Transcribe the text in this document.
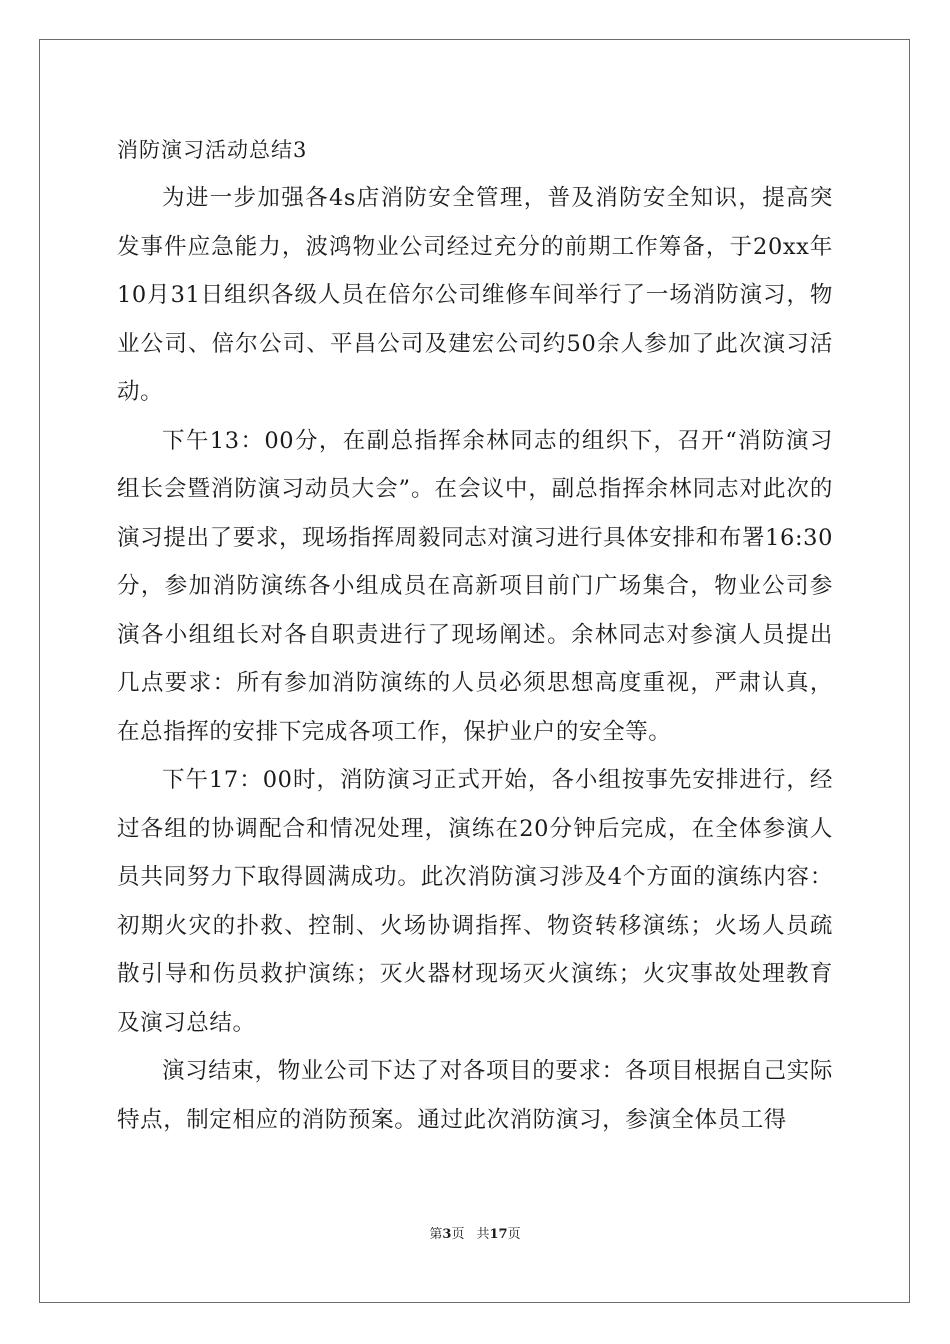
消防演习活动总结3

为进一步加强各4s店消防安全管理，普及消防安全知识，提高突发事件应急能力，波鸿物业公司经过充分的前期工作筹备，于20xx年10月31日组织各级人员在倍尔公司维修车间举行了一场消防演习，物业公司、倍尔公司、平昌公司及建宏公司约50余人参加了此次演习活动。

下午13：00分，在副总指挥余林同志的组织下，召开“消防演习组长会暨消防演习动员大会”。在会议中，副总指挥余林同志对此次的演习提出了要求，现场指挥周毅同志对演习进行具体安排和布署16:30分，参加消防演练各小组成员在高新项目前门广场集合，物业公司参演各小组组长对各自职责进行了现场阐述。余林同志对参演人员提出几点要求：所有参加消防演练的人员必须思想高度重视，严肃认真，在总指挥的安排下完成各项工作，保护业户的安全等。

下午17：00时，消防演习正式开始，各小组按事先安排进行，经过各组的协调配合和情况处理，演练在20分钟后完成，在全体参演人员共同努力下取得圆满成功。此次消防演习涉及4个方面的演练内容：初期火灾的扑救、控制、火场协调指挥、物资转移演练；火场人员疏散引导和伤员救护演练；灭火器材现场灭火演练；火灾事故处理教育及演习总结。

演习结束，物业公司下达了对各项目的要求：各项目根据自己实际特点，制定相应的消防预案。通过此次消防演习，参演全体员工得

第3页 共17页
